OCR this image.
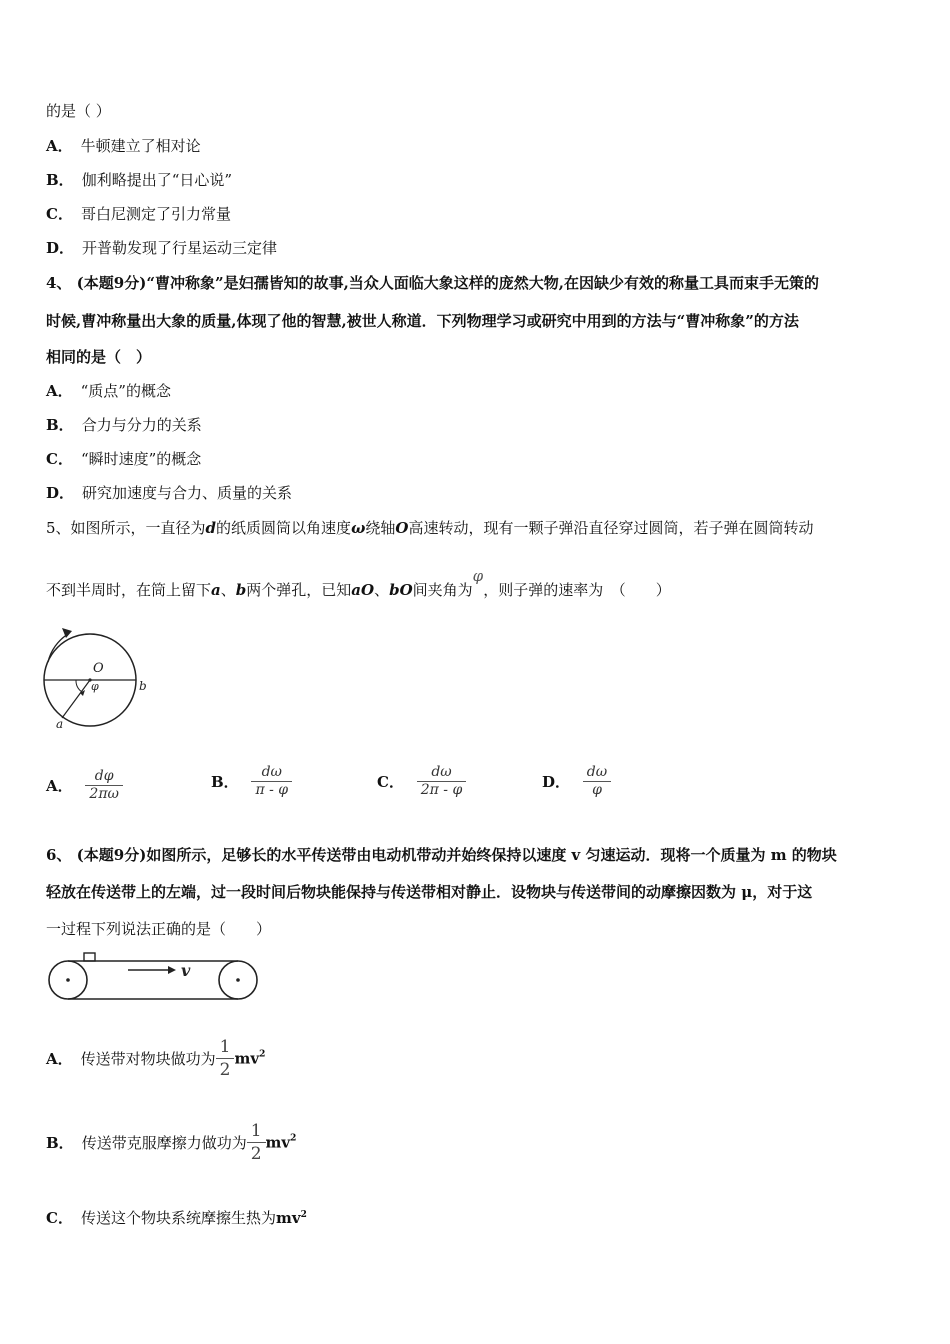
的是（ ）
A． 牛顿建立了相对论
B． 伽利略提出了“日心说”
C． 哥白尼测定了引力常量
D． 开普勒发现了行星运动三定律
4、 (本题9分)“曹冲称象”是妇孺皆知的故事,当众人面临大象这样的庞然大物,在因缺少有效的称量工具而束手无策的
时候,曹冲称量出大象的质量,体现了他的智慧,被世人称道．下列物理学习或研究中用到的方法与“曹冲称象”的方法
相同的是（　）
A． “质点”的概念
B． 合力与分力的关系
C． “瞬时速度”的概念
D． 研究加速度与合力、质量的关系
5、如图所示，一直径为d的纸质圆筒以角速度ω绕轴O高速转动，现有一颗子弹沿直径穿过圆筒，若子弹在圆筒转动
不到半周时，在筒上留下a、b两个弹孔，已知aO、bO间夹角为φ，则子弹的速率为　（　　）
O
φ	b
a
A． $\frac{d\varphi}{2\pi\omega}$	B． $\frac{d\omega}{\pi - \varphi}$	C． $\frac{d\omega}{2\pi - \varphi}$	D． $\frac{d\omega}{\varphi}$
6、 (本题9分)如图所示，足够长的水平传送带由电动机带动并始终保持以速度 v 匀速运动．现将一个质量为 m 的物块
轻放在传送带上的左端，过一段时间后物块能保持与传送带相对静止．设物块与传送带间的动摩擦因数为 μ，对于这
一过程下列说法正确的是（　　）
v
A． 传送带对物块做功为 $\frac{1}{2} mv^2$
B． 传送带克服摩擦力做功为 $\frac{1}{2} mv^2$
C． 传送这个物块系统摩擦生热为$mv^2$
